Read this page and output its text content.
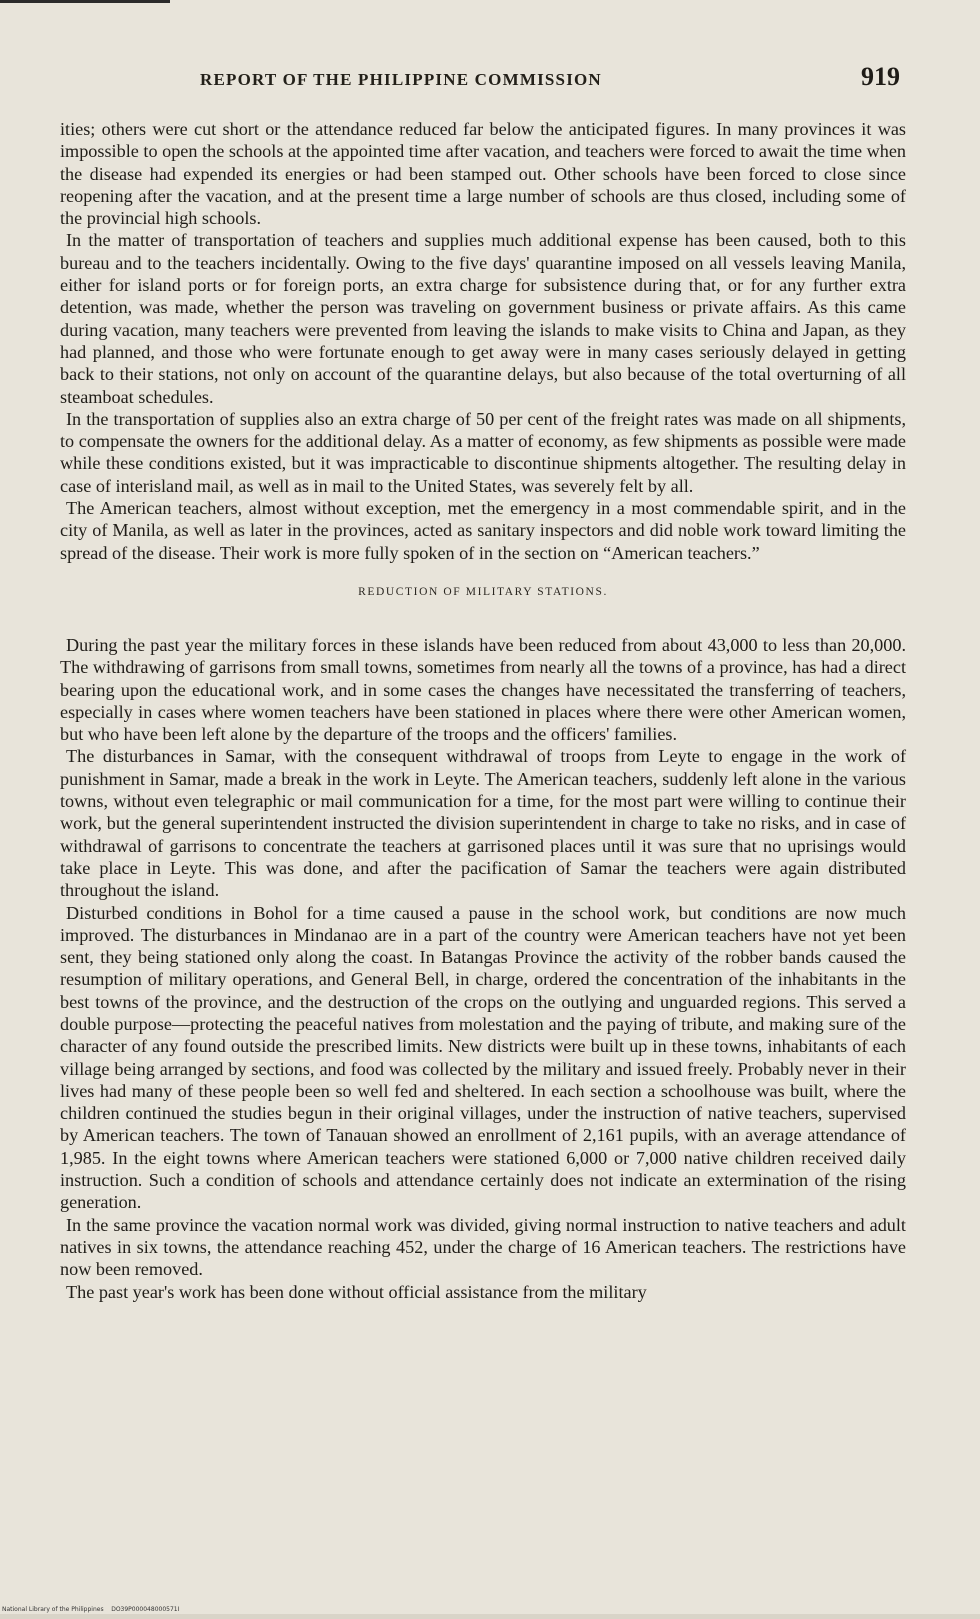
REPORT OF THE PHILIPPINE COMMISSION	919

ities; others were cut short or the attendance reduced far below the anticipated figures. In many provinces it was impossible to open the schools at the appointed time after vacation, and teachers were forced to await the time when the disease had expended its energies or had been stamped out. Other schools have been forced to close since reopening after the vacation, and at the present time a large number of schools are thus closed, including some of the provincial high schools.

In the matter of transportation of teachers and supplies much additional expense has been caused, both to this bureau and to the teachers incidentally. Owing to the five days' quarantine imposed on all vessels leaving Manila, either for island ports or for foreign ports, an extra charge for subsistence during that, or for any further extra detention, was made, whether the person was traveling on government business or private affairs. As this came during vacation, many teachers were prevented from leaving the islands to make visits to China and Japan, as they had planned, and those who were fortunate enough to get away were in many cases seriously delayed in getting back to their stations, not only on account of the quarantine delays, but also because of the total overturning of all steamboat schedules.

In the transportation of supplies also an extra charge of 50 per cent of the freight rates was made on all shipments, to compensate the owners for the additional delay. As a matter of economy, as few shipments as possible were made while these conditions existed, but it was impracticable to discontinue shipments altogether. The resulting delay in case of interisland mail, as well as in mail to the United States, was severely felt by all.

The American teachers, almost without exception, met the emergency in a most commendable spirit, and in the city of Manila, as well as later in the provinces, acted as sanitary inspectors and did noble work toward limiting the spread of the disease. Their work is more fully spoken of in the section on “American teachers.”

REDUCTION OF MILITARY STATIONS.

During the past year the military forces in these islands have been reduced from about 43,000 to less than 20,000. The withdrawing of garrisons from small towns, sometimes from nearly all the towns of a province, has had a direct bearing upon the educational work, and in some cases the changes have necessitated the transferring of teachers, especially in cases where women teachers have been stationed in places where there were other American women, but who have been left alone by the departure of the troops and the officers' families.

The disturbances in Samar, with the consequent withdrawal of troops from Leyte to engage in the work of punishment in Samar, made a break in the work in Leyte. The American teachers, suddenly left alone in the various towns, without even telegraphic or mail communication for a time, for the most part were willing to continue their work, but the general superintendent instructed the division superintendent in charge to take no risks, and in case of withdrawal of garrisons to concentrate the teachers at garrisoned places until it was sure that no uprisings would take place in Leyte. This was done, and after the pacification of Samar the teachers were again distributed throughout the island.

Disturbed conditions in Bohol for a time caused a pause in the school work, but conditions are now much improved. The disturbances in Mindanao are in a part of the country were American teachers have not yet been sent, they being stationed only along the coast. In Batangas Province the activity of the robber bands caused the resumption of military operations, and General Bell, in charge, ordered the concentration of the inhabitants in the best towns of the province, and the destruction of the crops on the outlying and unguarded regions. This served a double purpose—protecting the peaceful natives from molestation and the paying of tribute, and making sure of the character of any found outside the prescribed limits. New districts were built up in these towns, inhabitants of each village being arranged by sections, and food was collected by the military and issued freely. Probably never in their lives had many of these people been so well fed and sheltered. In each section a schoolhouse was built, where the children continued the studies begun in their original villages, under the instruction of native teachers, supervised by American teachers. The town of Tanauan showed an enrollment of 2,161 pupils, with an average attendance of 1,985. In the eight towns where American teachers were stationed 6,000 or 7,000 native children received daily instruction. Such a condition of schools and attendance certainly does not indicate an extermination of the rising generation.

In the same province the vacation normal work was divided, giving normal instruction to native teachers and adult natives in six towns, the attendance reaching 452, under the charge of 16 American teachers. The restrictions have now been removed.

The past year's work has been done without official assistance from the military

National Library of the Philippines    DO39P000048000571I
